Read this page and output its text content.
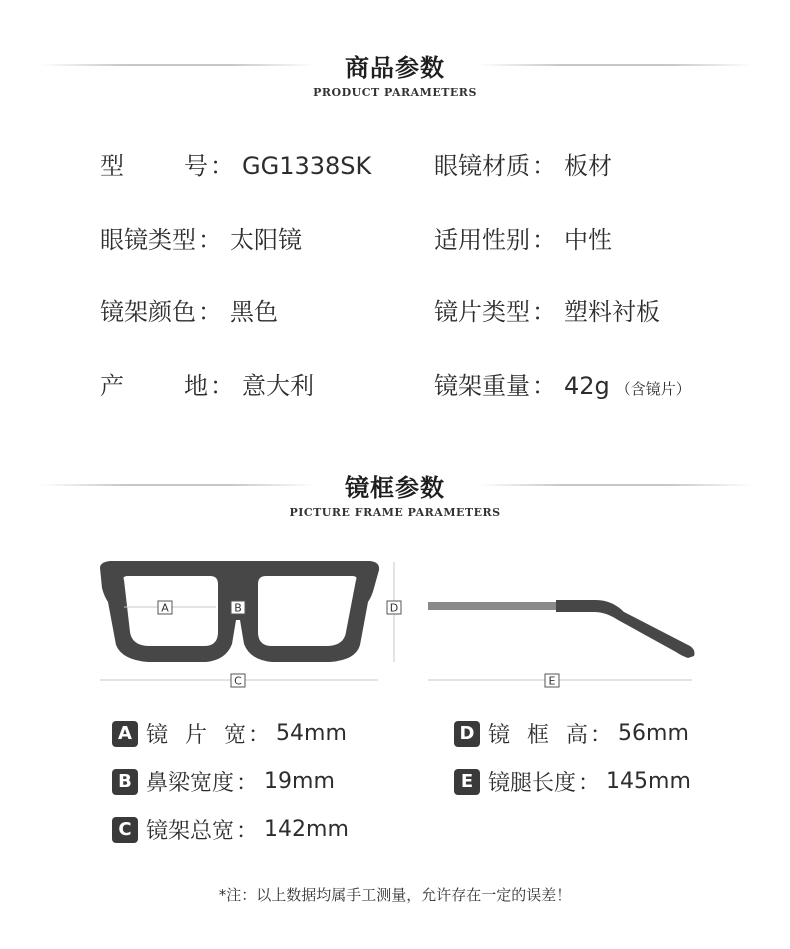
商品参数
PRODUCT PARAMETERS
型	号 ： GG1338SK	眼镜材质 ： 板材
眼镜类型 ： 太阳镜	适用性别 ： 中性
镜架颜色 ： 黑色	镜片类型 ： 塑料衬板
产	地 ： 意大利	镜架重量 ： 42g （含镜片）
镜框参数
PICTURE FRAME PARAMETERS
A	B
C
D
E
A 镜 片 宽 ： 54mm	D 镜 框 高 ： 56mm
B 鼻梁宽度 ： 19mm	E 镜腿长度 ： 145mm
C 镜架总宽 ： 142mm
*注：以上数据均属手工测量，允许存在一定的误差！
